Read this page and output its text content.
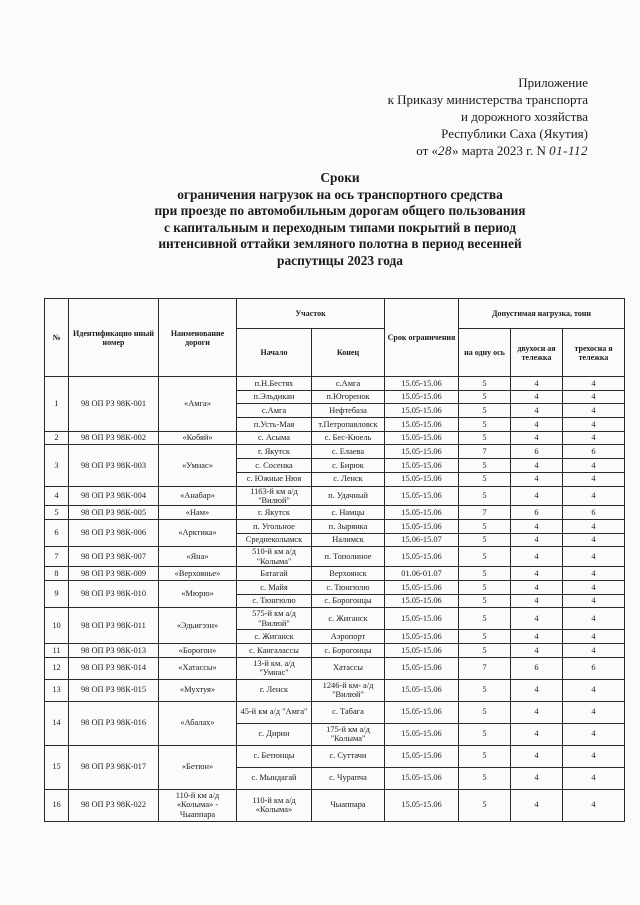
Приложение
к Приказу министерства транспорта
и дорожного хозяйства
Республики Саха (Якутия)
от «28» марта 2023 г. N 01-112
Сроки
ограничения нагрузок на ось транспортного средства
при проезде по автомобильным дорогам общего пользования
с капитальным и переходным типами покрытий в период
интенсивной оттайки земляного полотна в период весенней
распутицы 2023 года
№	Идентификацио нный номер	Наименование дороги	Участок		Срок ограничения	Допустимая нагрузка, тонн		
			Начало	Конец		на одну ось	двухосн ая тележка	трехосна я тележка

1	98 ОП РЗ 98К-001	«Амга»	п.Н.Бестях	с.Амга	15.05-15.06	5	4	4
			п.Эльдикан	п.Югоренок	15.05-15.06	5	4	4
			с.Амга	Нефтебаза	15.05-15.06	5	4	4
			п.Усть-Мая	т.Петропавловск	15.05-15.06	5	4	4
2	98 ОП РЗ 98К-002	«Кобяй»	с. Асыма	с. Бес-Кюель	15.05-15.06	5	4	4
3	98 ОП РЗ 98К-003	«Умнас»	г. Якутск	с. Елаева	15.05-15.06	7	6	6
			с. Сосенка	с. Бирюк	15.05-15.06	5	4	4
			с. Южные Нюя	с. Ленск	15.05-15.06	5	4	4
4	98 ОП РЗ 98К-004	«Анабар»	1163-й км а/д "Вилюй"	п. Удачный	15.05-15.06	5	4	4
5	98 ОП РЗ 98К-005	«Нам»	г. Якутск	с. Намцы	15.05-15.06	7	6	6
6	98 ОП РЗ 98К-006	«Арктика»	п. Угольное	п. Зырянка	15.05-15.06	5	4	4
			Среднеколымск	Налимск	15.06-15.07	5	4	4
7	98 ОП РЗ 98К-007	«Яна»	510-й км а/д "Колыма"	п. Тополиное	15.05-15.06	5	4	4
8	98 ОП РЗ 98К-009	«Верхоянье»	Батагай	Верхоянск	01.06-01.07	5	4	4
9	98 ОП РЗ 98К-010	«Мюрю»	с. Майя	с. Тюнгюлю	15.05-15.06	5	4	4
			с. Тюнгюлю	с. Борогонцы	15.05-15.06	5	4	4
10	98 ОП РЗ 98К-011	«Эдьигээн»	575-й км а/д "Вилюй"	с. Жиганск	15.05-15.06	5	4	4
			с. Жиганск	Аэропорт	15.05-15.06	5	4	4
11	98 ОП РЗ 98К-013	«Борогон»	с. Кангаласcы	с. Борогонцы	15.05-15.06	5	4	4
12	98 ОП РЗ 98К-014	«Хатассы»	13-й км. а/д "Умнас"	Хатассы	15.05-15.06	7	6	6
13	98 ОП РЗ 98К-015	«Мухтуя»	г. Ленск	1246-й км- а/д "Вилюй"	15.05-15.06	5	4	4
14	98 ОП РЗ 98К-016	«Абалах»	45-й км а/д "Амга"	с. Табага	15.05-15.06	5	4	4
			с. Дирин	175-й км а/д "Колыма"	15.05-15.06	5	4	4
15	98 ОП РЗ 98К-017	«Бетюн»	с. Бетюнцы	с. Суттачи	15.05-15.06	5	4	4
			с. Мындагай	с. Чурапча	15.05-15.06	5	4	4
16	98 ОП РЗ 98К-022	110-й км а/д «Колыма» - Чыаппара	110-й км а/д «Колыма»	Чыаппара	15.05-15.06	5	4	4
